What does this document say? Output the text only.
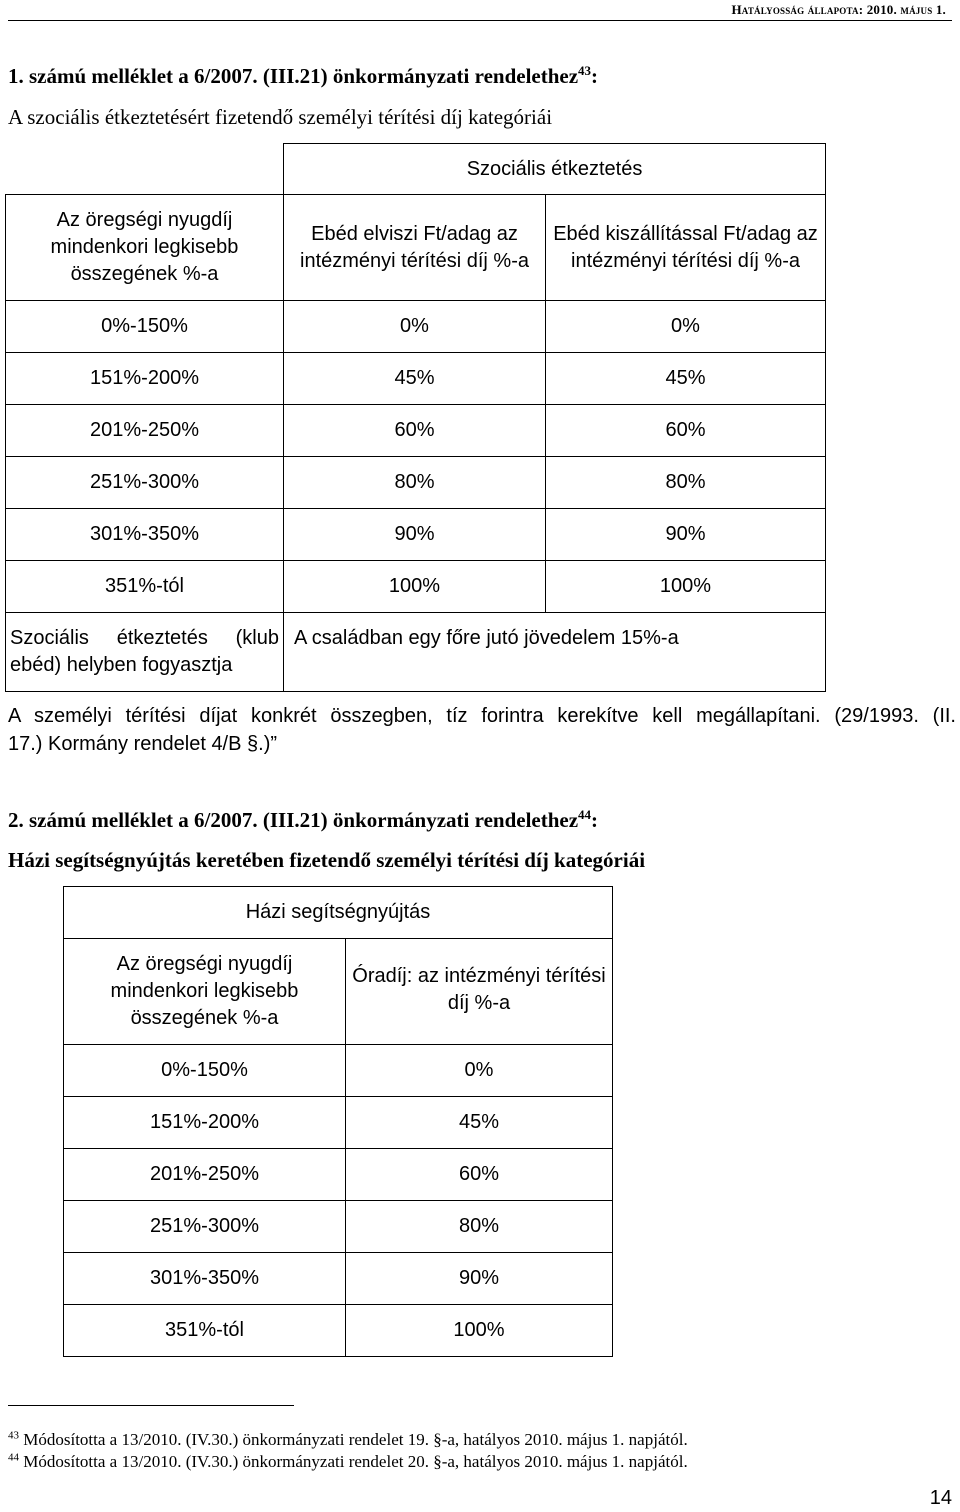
Hatályosság állapota: 2010. május 1.
1. számú melléklet a 6/2007. (III.21) önkormányzati rendelethez$^{43}$:
A szociális étkeztetésért fizetendő személyi térítési díj kategóriái
	Szociális étkeztetés	
Az öregségi nyugdíj mindenkori legkisebb összegének %-a	Ebéd elviszi Ft/adag az intézményi térítési díj %-a	Ebéd kiszállítással Ft/adag az intézményi térítési díj %-a
0%-150%	0%	0%
151%-200%	45%	45%
201%-250%	60%	60%
251%-300%	80%	80%
301%-350%	90%	90%
351%-tól	100%	100%
Szociális étkeztetés (klub ebéd) helyben fogyasztja	A családban egy főre jutó jövedelem 15%-a	
A személyi térítési díjat konkrét összegben, tíz forintra kerekítve kell megállapítani. (29/1993. (II.
17.) Kormány rendelet 4/B §.)”
2. számú melléklet a 6/2007. (III.21) önkormányzati rendelethez$^{44}$:
Házi segítségnyújtás keretében fizetendő személyi térítési díj kategóriái
Házi segítségnyújtás	
Az öregségi nyugdíj mindenkori legkisebb összegének %-a	Óradíj: az intézményi térítési díj %-a
0%-150%	0%
151%-200%	45%
201%-250%	60%
251%-300%	80%
301%-350%	90%
351%-tól	100%
$^{43}$ Módosította a 13/2010. (IV.30.) önkormányzati rendelet 19. §-a, hatályos 2010. május 1. napjától.
$^{44}$ Módosította a 13/2010. (IV.30.) önkormányzati rendelet 20. §-a, hatályos 2010. május 1. napjától.
14
